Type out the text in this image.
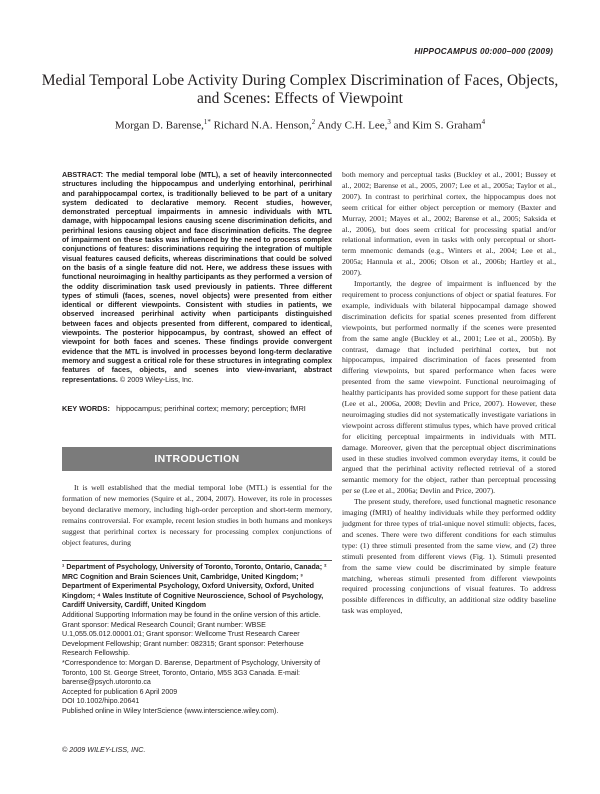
HIPPOCAMPUS 00:000–000 (2009)
Medial Temporal Lobe Activity During Complex Discrimination of Faces, Objects, and Scenes: Effects of Viewpoint
Morgan D. Barense,$^{1*}$ Richard N.A. Henson,$^2$ Andy C.H. Lee,$^3$ and Kim S. Graham$^4$
ABSTRACT: The medial temporal lobe (MTL), a set of heavily interconnected structures including the hippocampus and underlying entorhinal, perirhinal and parahippocampal cortex, is traditionally believed to be part of a unitary system dedicated to declarative memory. Recent studies, however, demonstrated perceptual impairments in amnesic individuals with MTL damage, with hippocampal lesions causing scene discrimination deficits, and perirhinal lesions causing object and face discrimination deficits. The degree of impairment on these tasks was influenced by the need to process complex conjunctions of features: discriminations requiring the integration of multiple visual features caused deficits, whereas discriminations that could be solved on the basis of a single feature did not. Here, we address these issues with functional neuroimaging in healthy participants as they performed a version of the oddity discrimination task used previously in patients. Three different types of stimuli (faces, scenes, novel objects) were presented from either identical or different viewpoints. Consistent with studies in patients, we observed increased perirhinal activity when participants distinguished between faces and objects presented from different, compared to identical, viewpoints. The posterior hippocampus, by contrast, showed an effect of viewpoint for both faces and scenes. These findings provide convergent evidence that the MTL is involved in processes beyond long-term declarative memory and suggest a critical role for these structures in integrating complex features of faces, objects, and scenes into view-invariant, abstract representations. © 2009 Wiley-Liss, Inc.
KEY WORDS: hippocampus; perirhinal cortex; memory; perception; fMRI
INTRODUCTION
It is well established that the medial temporal lobe (MTL) is essential for the formation of new memories (Squire et al., 2004, 2007). However, its role in processes beyond declarative memory, including high-order perception and short-term memory, remains controversial. For example, recent lesion studies in both humans and monkeys suggest that perirhinal cortex is necessary for processing complex conjunctions of object features, during

¹ Department of Psychology, University of Toronto, Toronto, Ontario, Canada; ² MRC Cognition and Brain Sciences Unit, Cambridge, United Kingdom; ³ Department of Experimental Psychology, Oxford University, Oxford, United Kingdom; ⁴ Wales Institute of Cognitive Neuroscience, School of Psychology, Cardiff University, Cardiff, United Kingdom

Additional Supporting Information may be found in the online version of this article.

Grant sponsor: Medical Research Council; Grant number: WBSE U.1,055.05.012.00001.01; Grant sponsor: Wellcome Trust Research Career Development Fellowship; Grant number: 082315; Grant sponsor: Peterhouse Research Fellowship.

*Correspondence to: Morgan D. Barense, Department of Psychology, University of Toronto, 100 St. George Street, Toronto, Ontario, M5S 3G3 Canada. E-mail: barense@psych.utoronto.ca

Accepted for publication 6 April 2009

DOI 10.1002/hipo.20641

Published online in Wiley InterScience (www.interscience.wiley.com).

© 2009 WILEY-LISS, INC.

both memory and perceptual tasks (Buckley et al., 2001; Bussey et al., 2002; Barense et al., 2005, 2007; Lee et al., 2005a; Taylor et al., 2007). In contrast to perirhinal cortex, the hippocampus does not seem critical for either object perception or memory (Baxter and Murray, 2001; Mayes et al., 2002; Barense et al., 2005; Saksida et al., 2006), but does seem critical for processing spatial and/or relational information, even in tasks with only perceptual or short-term mnemonic demands (e.g., Winters et al., 2004; Lee et al., 2005a; Hannula et al., 2006; Olson et al., 2006b; Hartley et al., 2007).

Importantly, the degree of impairment is influenced by the requirement to process conjunctions of object or spatial features. For example, individuals with bilateral hippocampal damage showed discrimination deficits for spatial scenes presented from different viewpoints, but performed normally if the scenes were presented from the same angle (Buckley et al., 2001; Lee et al., 2005b). By contrast, damage that included perirhinal cortex, but not hippocampus, impaired discrimination of faces presented from differing viewpoints, but spared performance when faces were presented from the same viewpoint. Functional neuroimaging of healthy participants has provided some support for these patient data (Lee et al., 2006a, 2008; Devlin and Price, 2007). However, these neuroimaging studies did not systematically investigate variations in viewpoint across different stimulus types, which have proved critical for eliciting perceptual impairments in individuals with MTL damage. Moreover, given that the perceptual object discriminations used in these studies involved common everyday items, it could be argued that the perirhinal activity reflected retrieval of a stored semantic memory for the object, rather than perceptual processing per se (Lee et al., 2006a; Devlin and Price, 2007).

The present study, therefore, used functional magnetic resonance imaging (fMRI) of healthy individuals while they performed oddity judgment for three types of trial-unique novel stimuli: objects, faces, and scenes. There were two different conditions for each stimulus type: (1) three stimuli presented from the same view, and (2) three stimuli presented from different views (Fig. 1). Stimuli presented from the same view could be discriminated by simple feature matching, whereas stimuli presented from different viewpoints required processing conjunctions of visual features. To address possible differences in difficulty, an additional size oddity baseline task was employed,
